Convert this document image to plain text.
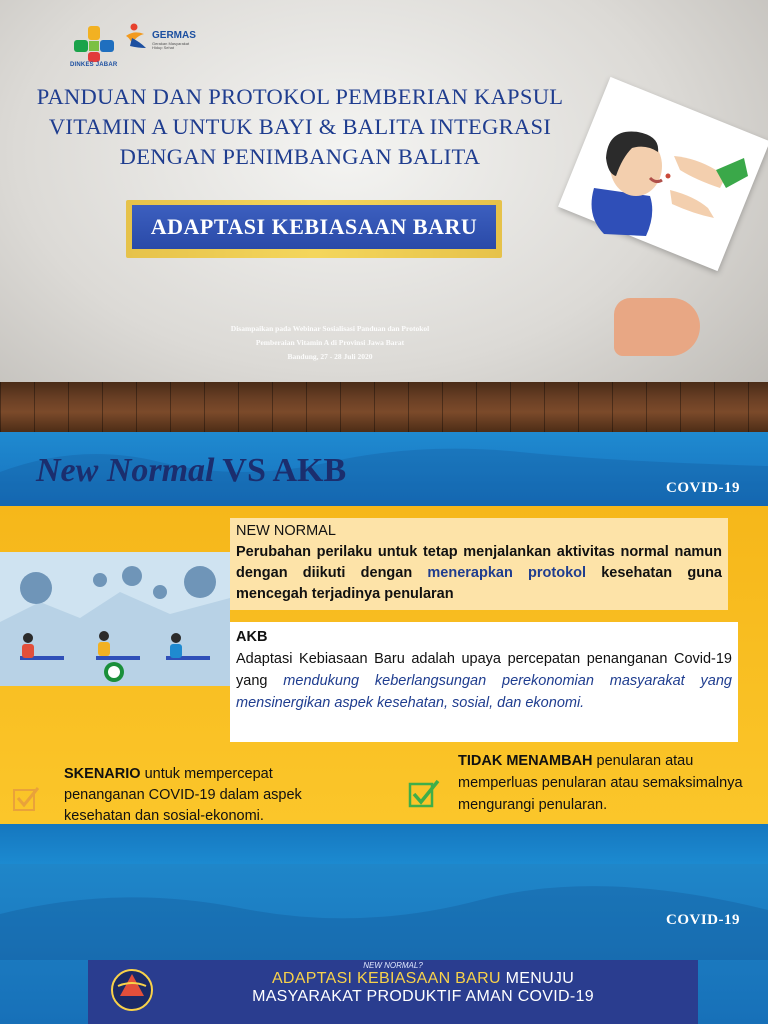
DINKES JABAR
GERMAS
Gerakan Masyarakat Hidup Sehat
PANDUAN DAN PROTOKOL PEMBERIAN KAPSUL
VITAMIN A UNTUK BAYI & BALITA INTEGRASI
DENGAN PENIMBANGAN BALITA
ADAPTASI KEBIASAAN BARU
Disampaikan pada Webinar Sosialisasi Panduan dan Protokol
Pemberaian Vitamin A di Provinsi Jawa Barat
Bandung, 27 - 28 Juli 2020
New Normal VS AKB	COVID-19
NEW NORMAL
Perubahan perilaku untuk tetap menjalankan aktivitas normal namun dengan diikuti dengan menerapkan protokol kesehatan guna mencegah terjadinya penularan
AKB
Adaptasi Kebiasaan Baru adalah upaya percepatan penanganan Covid-19 yang mendukung keberlangsungan perekonomian masyarakat yang mensinergikan aspek kesehatan, sosial, dan ekonomi.
SKENARIO untuk mempercepat penanganan COVID-19 dalam aspek kesehatan dan sosial-ekonomi.
TIDAK MENAMBAH penularan atau memperluas penularan atau semaksimalnya mengurangi penularan.
COVID-19
NEW NORMAL?
ADAPTASI KEBIASAAN BARU MENUJU
MASYARAKAT PRODUKTIF AMAN COVID-19
